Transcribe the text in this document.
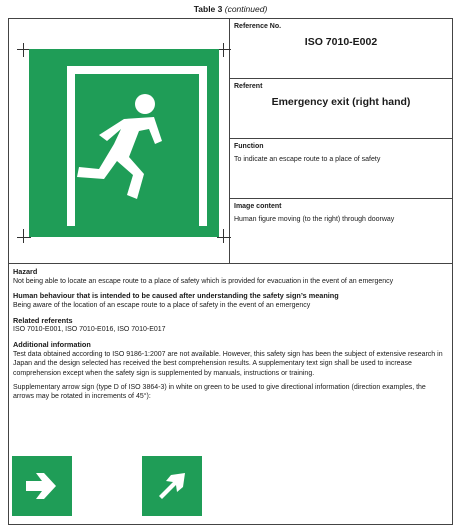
Table 3 (continued)
Reference No.
ISO 7010-E002
Referent
Emergency exit (right hand)
Function
To indicate an escape route to a place of safety
Image content
Human figure moving (to the right) through doorway
Hazard
Not being able to locate an escape route to a place of safety which is provided for evacuation in the event of an emergency
Human behaviour that is intended to be caused after understanding the safety sign’s meaning
Being aware of the location of an escape route to a place of safety in the event of an emergency
Related referents
ISO 7010-E001, ISO 7010-E016, ISO 7010-E017
Additional information
Test data obtained according to ISO 9186-1:2007 are not available. However, this safety sign has been the subject of extensive research in Japan and the design selected has received the best comprehension results. A supplementary text sign shall be used to increase comprehension except when the safety sign is supplemented by manuals, instructions or training.
Supplementary arrow sign (type D of ISO 3864-3) in white on green to be used to give directional information (direction examples, the arrows may be rotated in increments of 45°):
